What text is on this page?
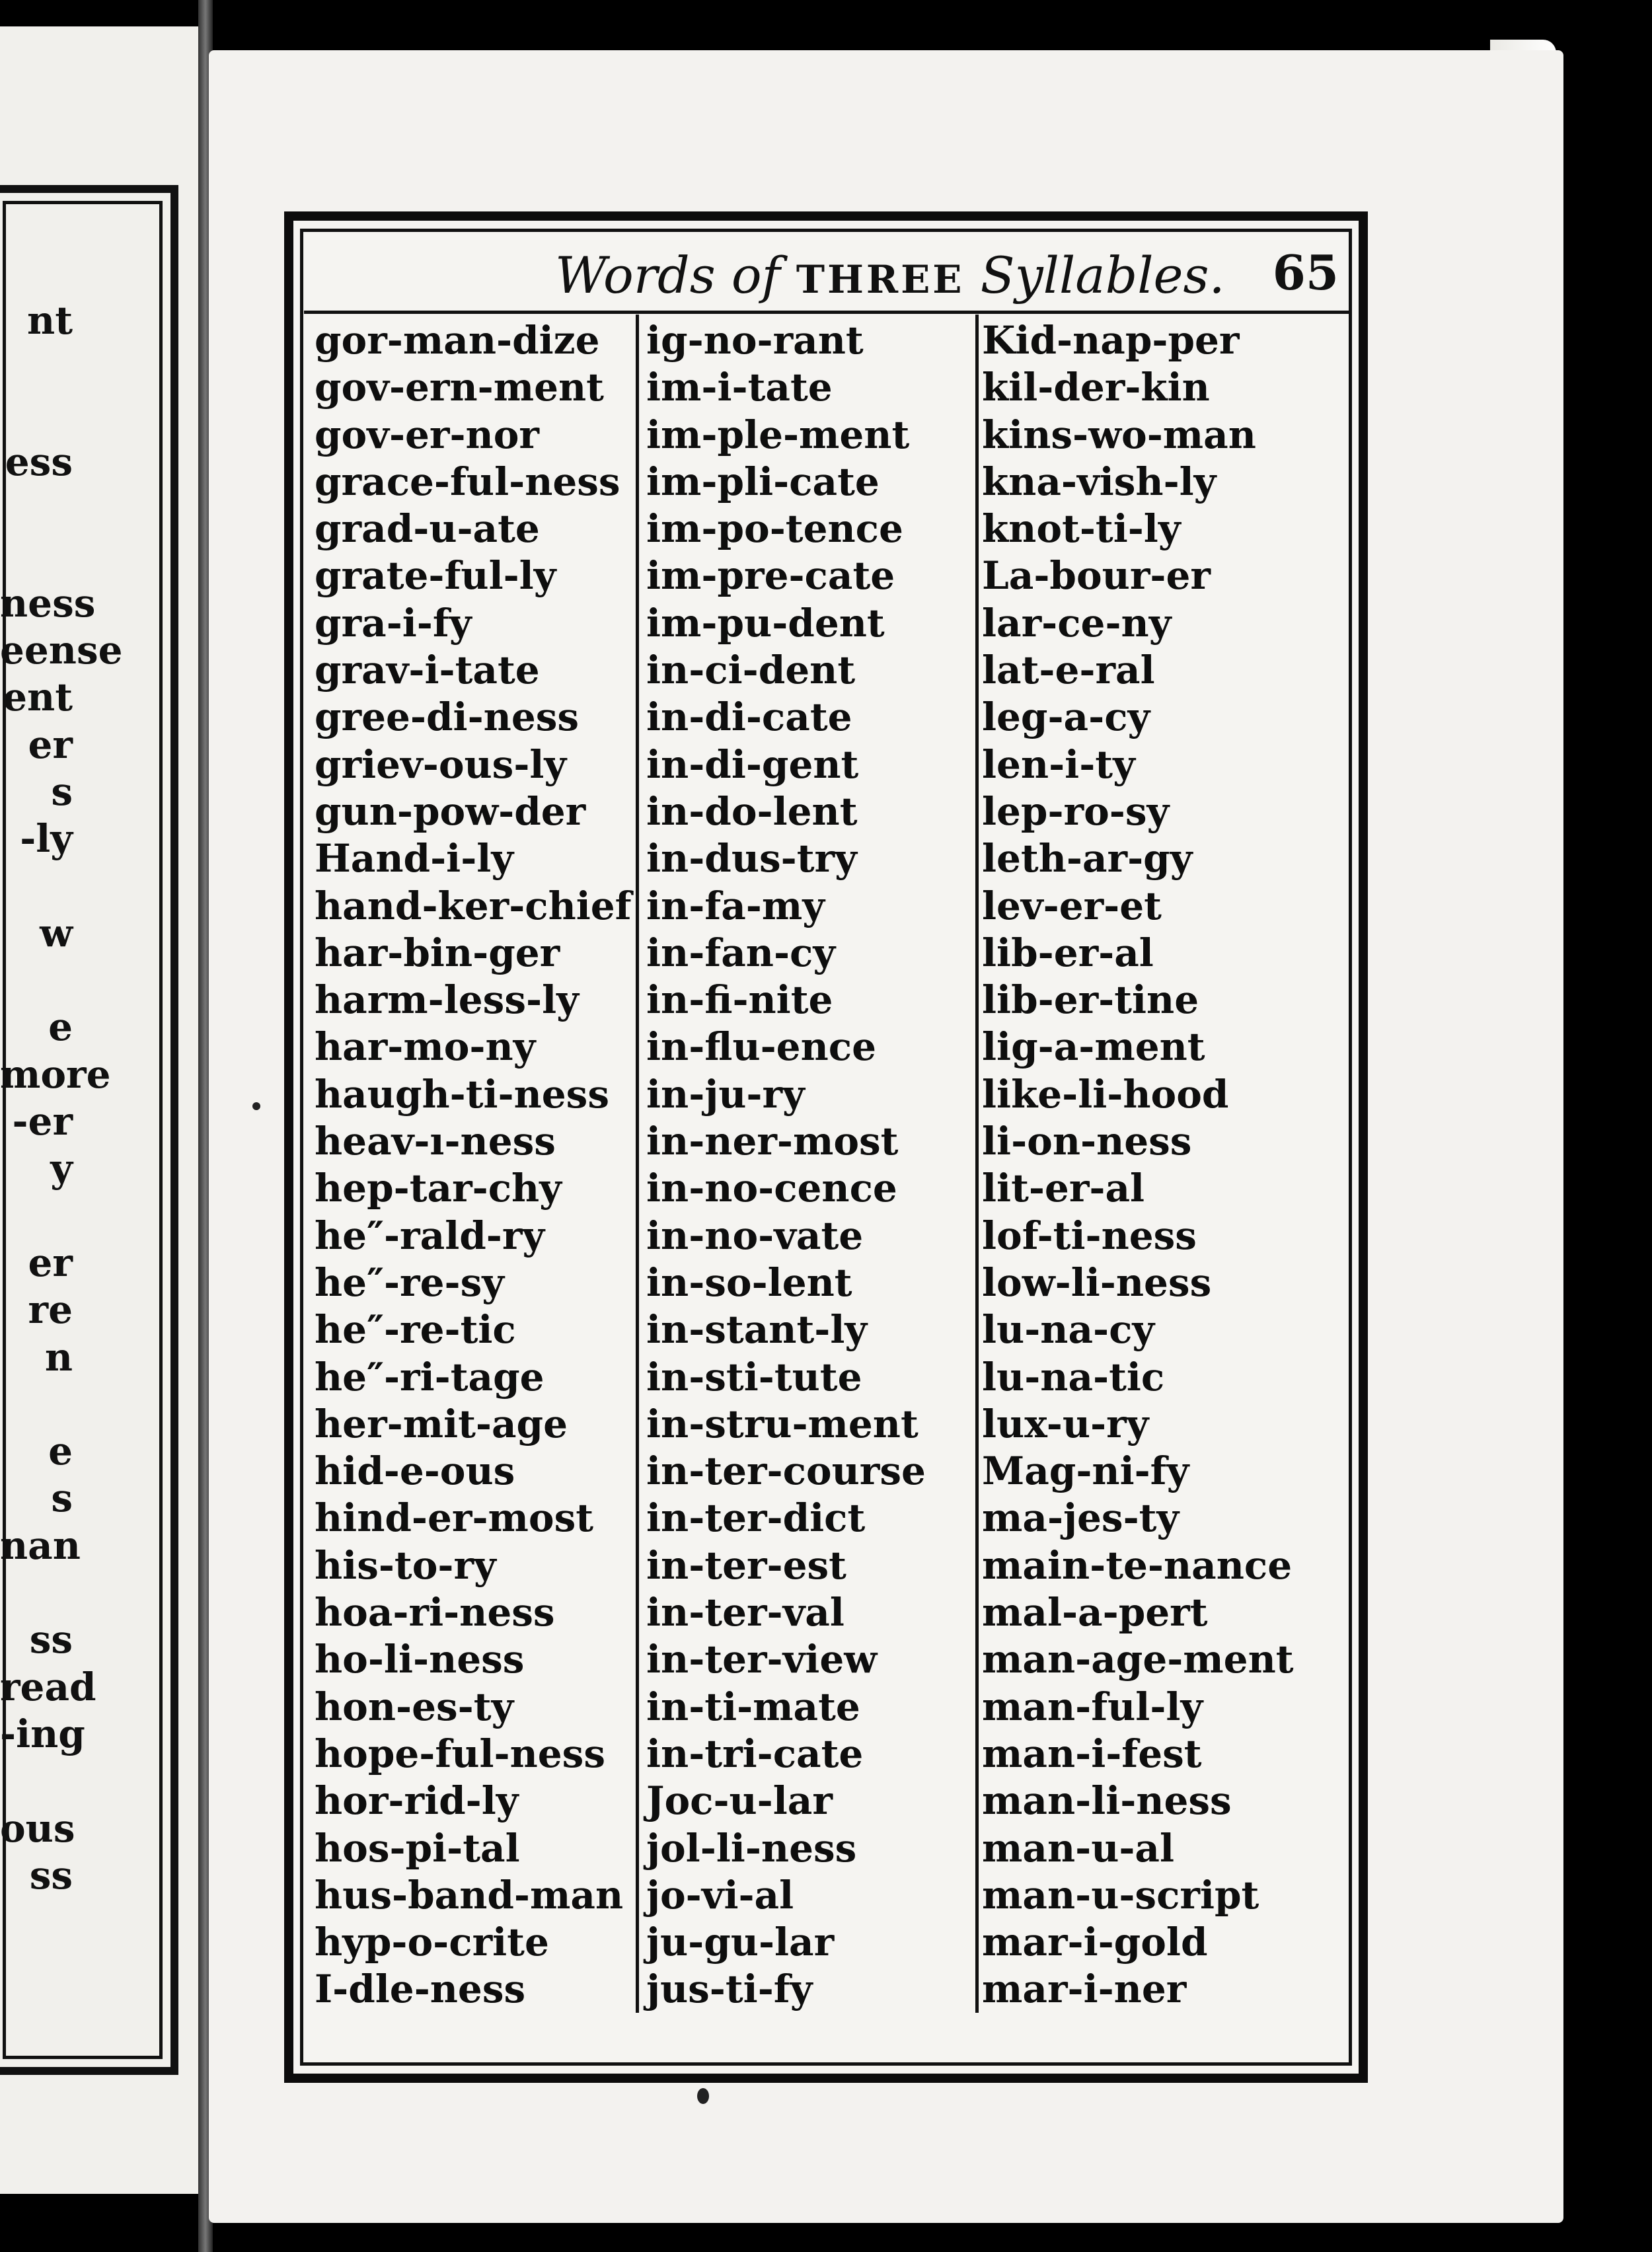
nt
ess
ness
eense
ent
er
s
-ly
w
e
more
-er
y
er
re
n
e
s
nan
ss
read
-ing
ous
ss
Words of THREE Syllables. 65
gor-man-dize
gov-ern-ment
gov-er-nor
grace-ful-ness
grad-u-ate
grate-ful-ly
gra-i-fy
grav-i-tate
gree-di-ness
griev-ous-ly
gun-pow-der
Hand-i-ly
hand-ker-chief
har-bin-ger
harm-less-ly
har-mo-ny
haugh-ti-ness
heav-ı-ness
hep-tar-chy
he″-rald-ry
he″-re-sy
he″-re-tic
he″-ri-tage
her-mit-age
hid-e-ous
hind-er-most
his-to-ry
hoa-ri-ness
ho-li-ness
hon-es-ty
hope-ful-ness
hor-rid-ly
hos-pi-tal
hus-band-man
hyp-o-crite
I-dle-ness
ig-no-rant
im-i-tate
im-ple-ment
im-pli-cate
im-po-tence
im-pre-cate
im-pu-dent
in-ci-dent
in-di-cate
in-di-gent
in-do-lent
in-dus-try
in-fa-my
in-fan-cy
in-fi-nite
in-flu-ence
in-ju-ry
in-ner-most
in-no-cence
in-no-vate
in-so-lent
in-stant-ly
in-sti-tute
in-stru-ment
in-ter-course
in-ter-dict
in-ter-est
in-ter-val
in-ter-view
in-ti-mate
in-tri-cate
Joc-u-lar
jol-li-ness
jo-vi-al
ju-gu-lar
jus-ti-fy
Kid-nap-per
kil-der-kin
kins-wo-man
kna-vish-ly
knot-ti-ly
La-bour-er
lar-ce-ny
lat-e-ral
leg-a-cy
len-i-ty
lep-ro-sy
leth-ar-gy
lev-er-et
lib-er-al
lib-er-tine
lig-a-ment
like-li-hood
li-on-ness
lit-er-al
lof-ti-ness
low-li-ness
lu-na-cy
lu-na-tic
lux-u-ry
Mag-ni-fy
ma-jes-ty
main-te-nance
mal-a-pert
man-age-ment
man-ful-ly
man-i-fest
man-li-ness
man-u-al
man-u-script
mar-i-gold
mar-i-ner
